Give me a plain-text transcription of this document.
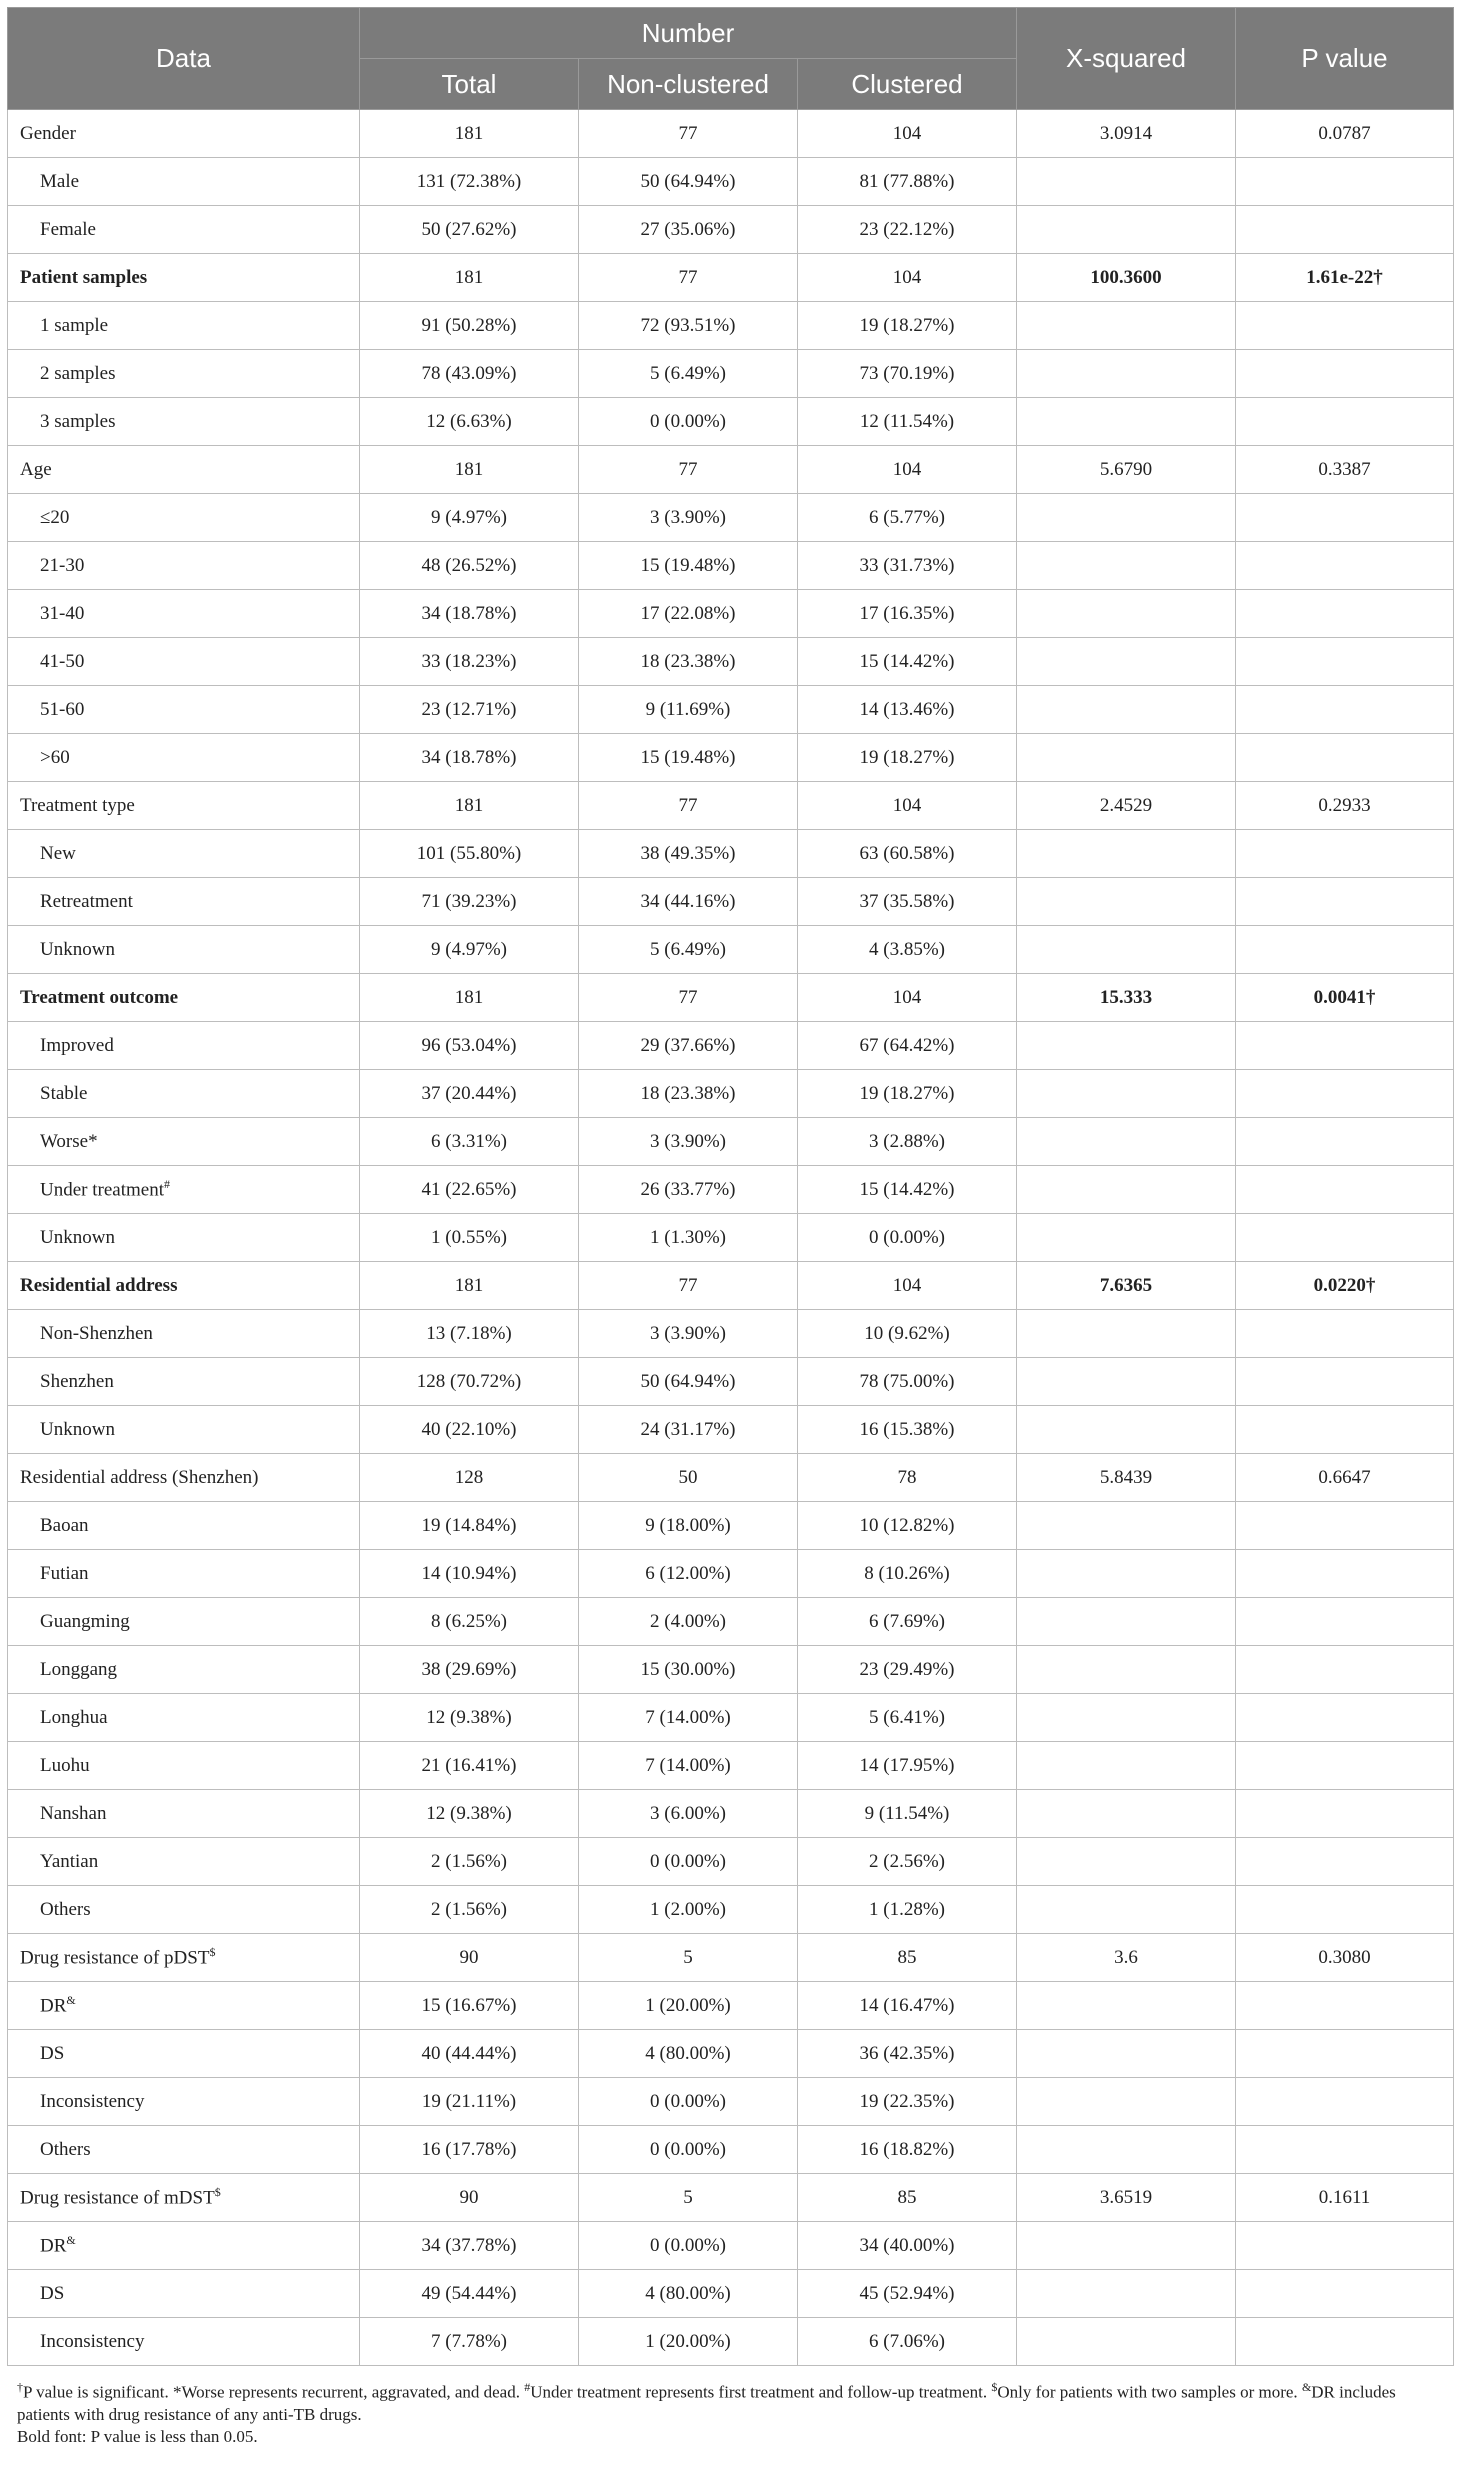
Data	Number			X-squared	P value
	Total	Non-clustered	Clustered		
Gender	181	77	104	3.0914	0.0787
Male	131 (72.38%)	50 (64.94%)	81 (77.88%)		
Female	50 (27.62%)	27 (35.06%)	23 (22.12%)		
Patient samples	181	77	104	100.3600	1.61e-22†
1 sample	91 (50.28%)	72 (93.51%)	19 (18.27%)		
2 samples	78 (43.09%)	5 (6.49%)	73 (70.19%)		
3 samples	12 (6.63%)	0 (0.00%)	12 (11.54%)		
Age	181	77	104	5.6790	0.3387
≤20	9 (4.97%)	3 (3.90%)	6 (5.77%)		
21-30	48 (26.52%)	15 (19.48%)	33 (31.73%)		
31-40	34 (18.78%)	17 (22.08%)	17 (16.35%)		
41-50	33 (18.23%)	18 (23.38%)	15 (14.42%)		
51-60	23 (12.71%)	9 (11.69%)	14 (13.46%)		
>60	34 (18.78%)	15 (19.48%)	19 (18.27%)		
Treatment type	181	77	104	2.4529	0.2933
New	101 (55.80%)	38 (49.35%)	63 (60.58%)		
Retreatment	71 (39.23%)	34 (44.16%)	37 (35.58%)		
Unknown	9 (4.97%)	5 (6.49%)	4 (3.85%)		
Treatment outcome	181	77	104	15.333	0.0041†
Improved	96 (53.04%)	29 (37.66%)	67 (64.42%)		
Stable	37 (20.44%)	18 (23.38%)	19 (18.27%)		
Worse*	6 (3.31%)	3 (3.90%)	3 (2.88%)		
Under treatment#	41 (22.65%)	26 (33.77%)	15 (14.42%)		
Unknown	1 (0.55%)	1 (1.30%)	0 (0.00%)		
Residential address	181	77	104	7.6365	0.0220†
Non-Shenzhen	13 (7.18%)	3 (3.90%)	10 (9.62%)		
Shenzhen	128 (70.72%)	50 (64.94%)	78 (75.00%)		
Unknown	40 (22.10%)	24 (31.17%)	16 (15.38%)		
Residential address (Shenzhen)	128	50	78	5.8439	0.6647
Baoan	19 (14.84%)	9 (18.00%)	10 (12.82%)		
Futian	14 (10.94%)	6 (12.00%)	8 (10.26%)		
Guangming	8 (6.25%)	2 (4.00%)	6 (7.69%)		
Longgang	38 (29.69%)	15 (30.00%)	23 (29.49%)		
Longhua	12 (9.38%)	7 (14.00%)	5 (6.41%)		
Luohu	21 (16.41%)	7 (14.00%)	14 (17.95%)		
Nanshan	12 (9.38%)	3 (6.00%)	9 (11.54%)		
Yantian	2 (1.56%)	0 (0.00%)	2 (2.56%)		
Others	2 (1.56%)	1 (2.00%)	1 (1.28%)		
Drug resistance of pDST$	90	5	85	3.6	0.3080
DR&	15 (16.67%)	1 (20.00%)	14 (16.47%)		
DS	40 (44.44%)	4 (80.00%)	36 (42.35%)		
Inconsistency	19 (21.11%)	0 (0.00%)	19 (22.35%)		
Others	16 (17.78%)	0 (0.00%)	16 (18.82%)		
Drug resistance of mDST$	90	5	85	3.6519	0.1611
DR&	34 (37.78%)	0 (0.00%)	34 (40.00%)		
DS	49 (54.44%)	4 (80.00%)	45 (52.94%)		
Inconsistency	7 (7.78%)	1 (20.00%)	6 (7.06%)		

†P value is significant. *Worse represents recurrent, aggravated, and dead. #Under treatment represents first treatment and follow-up treatment. $Only for patients with two samples or more. &DR includes patients with drug resistance of any anti-TB drugs.

Bold font: P value is less than 0.05.
